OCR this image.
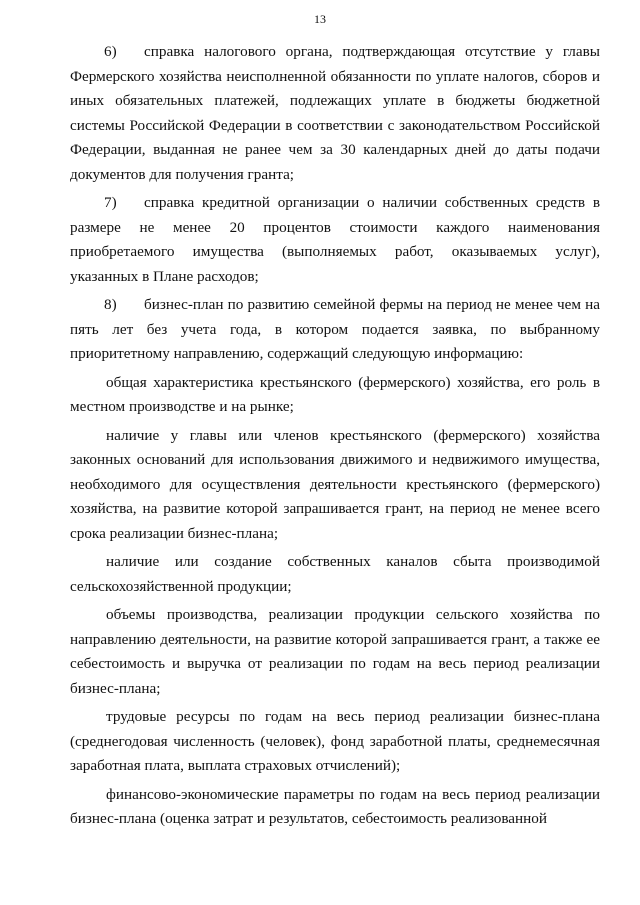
13

6) справка налогового органа, подтверждающая отсутствие у главы Фермерского хозяйства неисполненной обязанности по уплате налогов, сборов и иных обязательных платежей, подлежащих уплате в бюджеты бюджетной системы Российской Федерации в соответствии с законодательством Российской Федерации, выданная не ранее чем за 30 календарных дней до даты подачи документов для получения гранта;

7) справка кредитной организации о наличии собственных средств в размере не менее 20 процентов стоимости каждого наименования приобретаемого имущества (выполняемых работ, оказываемых услуг), указанных в Плане расходов;

8) бизнес-план по развитию семейной фермы на период не менее чем на пять лет без учета года, в котором подается заявка, по выбранному приоритетному направлению, содержащий следующую информацию:

общая характеристика крестьянского (фермерского) хозяйства, его роль в местном производстве и на рынке;

наличие у главы или членов крестьянского (фермерского) хозяйства законных оснований для использования движимого и недвижимого имущества, необходимого для осуществления деятельности крестьянского (фермерского) хозяйства, на развитие которой запрашивается грант, на период не менее всего срока реализации бизнес-плана;

наличие или создание собственных каналов сбыта производимой сельскохозяйственной продукции;

объемы производства, реализации продукции сельского хозяйства по направлению деятельности, на развитие которой запрашивается грант, а также ее себестоимость и выручка от реализации по годам на весь период реализации бизнес-плана;

трудовые ресурсы по годам на весь период реализации бизнес-плана (среднегодовая численность (человек), фонд заработной платы, среднемесячная заработная плата, выплата страховых отчислений);

финансово-экономические параметры по годам на весь период реализации бизнес-плана (оценка затрат и результатов, себестоимость реализованной
